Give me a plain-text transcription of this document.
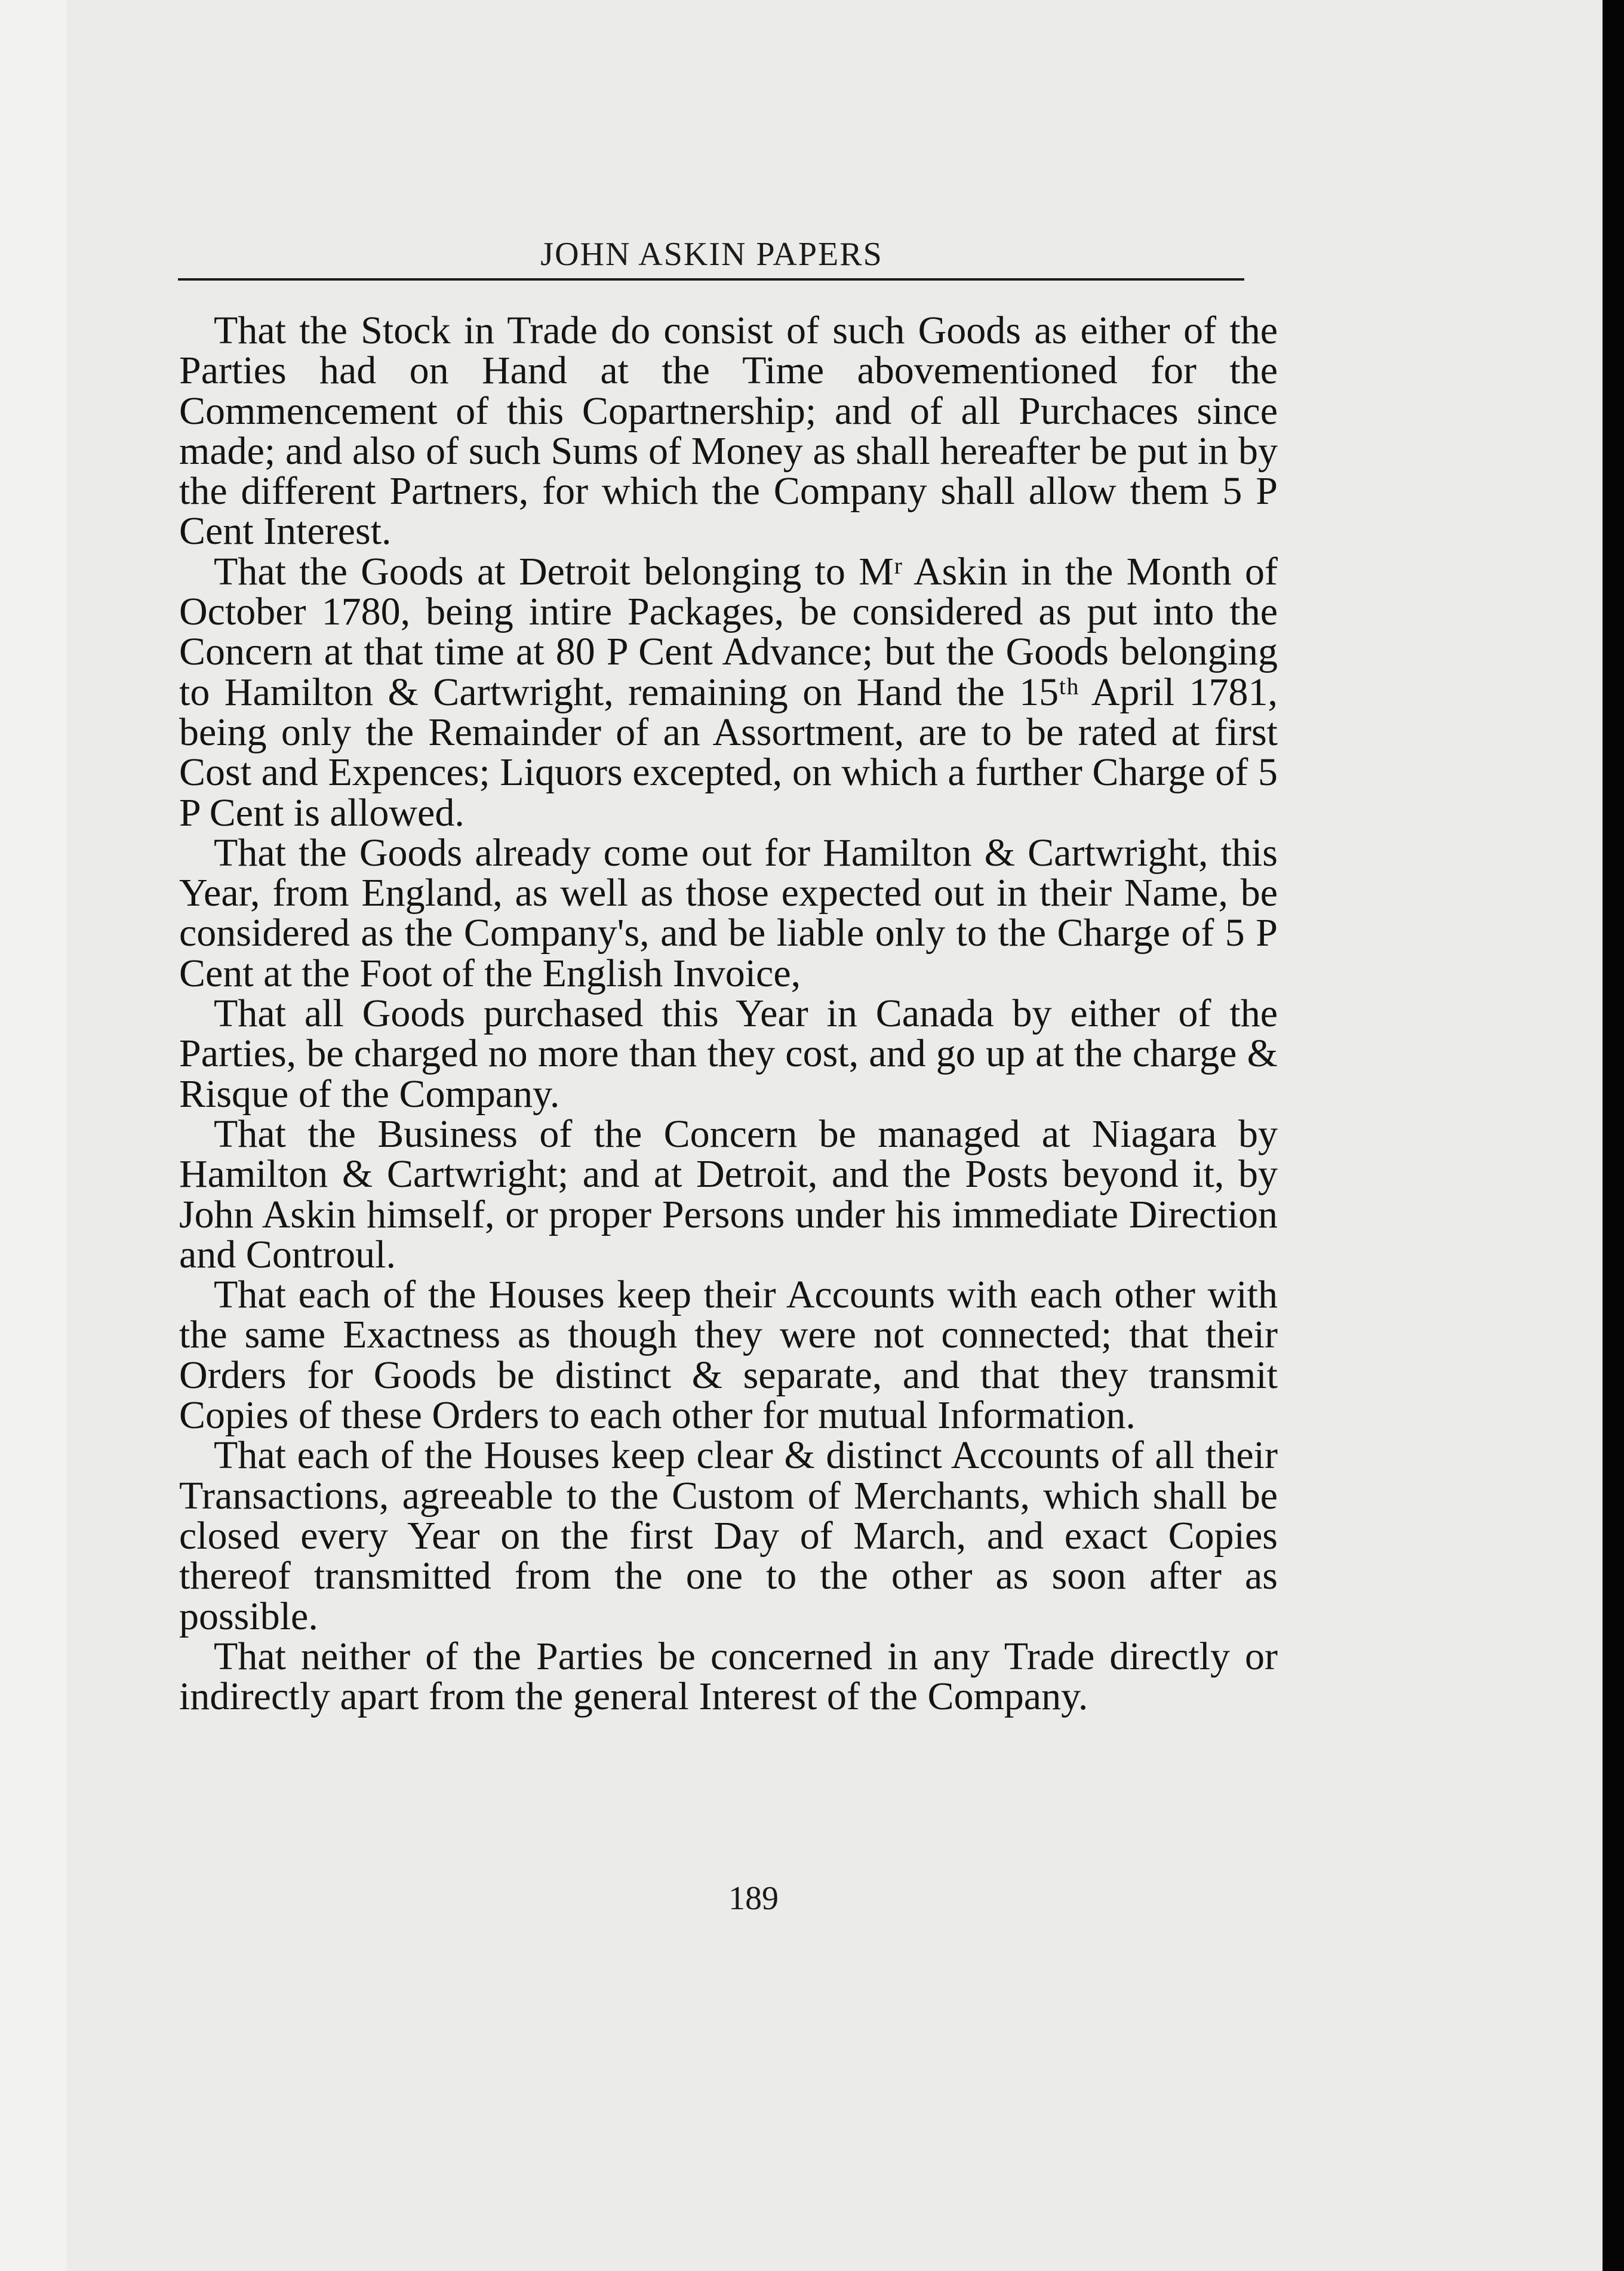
JOHN ASKIN PAPERS

That the Stock in Trade do consist of such Goods as either of the Parties had on Hand at the Time abovementioned for the Commencement of this Copartnership; and of all Purchaces since made; and also of such Sums of Money as shall hereafter be put in by the different Partners, for which the Company shall allow them 5 P Cent Interest.

That the Goods at Detroit belonging to Mʳ Askin in the Month of October 1780, being intire Packages, be considered as put into the Concern at that time at 80 P Cent Advance; but the Goods belonging to Hamilton & Cartwright, remaining on Hand the 15ᵗʰ April 1781, being only the Remainder of an Assortment, are to be rated at first Cost and Expences; Liquors excepted, on which a further Charge of 5 P Cent is allowed.

That the Goods already come out for Hamilton & Cartwright, this Year, from England, as well as those expected out in their Name, be considered as the Company's, and be liable only to the Charge of 5 P Cent at the Foot of the English Invoice,

That all Goods purchased this Year in Canada by either of the Parties, be charged no more than they cost, and go up at the charge & Risque of the Company.

That the Business of the Concern be managed at Niagara by Hamilton & Cartwright; and at Detroit, and the Posts beyond it, by John Askin himself, or proper Persons under his immediate Direction and Controul.

That each of the Houses keep their Accounts with each other with the same Exactness as though they were not connected; that their Orders for Goods be distinct & separate, and that they transmit Copies of these Orders to each other for mutual Information.

That each of the Houses keep clear & distinct Accounts of all their Transactions, agreeable to the Custom of Merchants, which shall be closed every Year on the first Day of March, and exact Copies thereof transmitted from the one to the other as soon after as possible.

That neither of the Parties be concerned in any Trade directly or indirectly apart from the general Interest of the Company.

189
